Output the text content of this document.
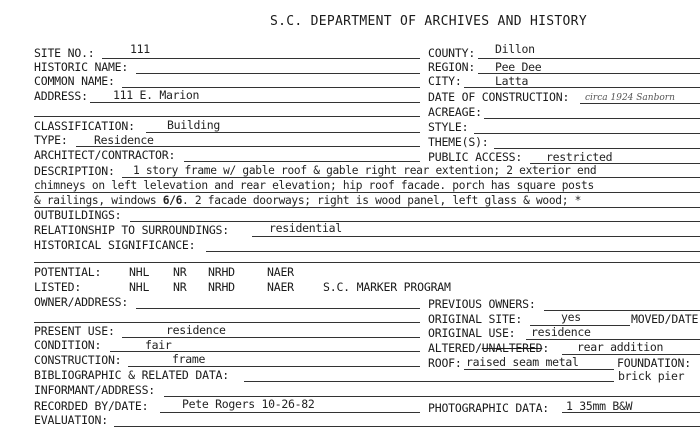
S.C. DEPARTMENT OF ARCHIVES AND HISTORY
SITE NO.:	111
HISTORIC NAME:
COMMON NAME:
ADDRESS: 111 E. Marion
CLASSIFICATION:	Building
TYPE: Residence
ARCHITECT/CONTRACTOR:
COUNTY: Dillon
REGION: Pee Dee
CITY:	Latta
DATE OF CONSTRUCTION: circa 1924 Sanborn
ACREAGE:
STYLE:
THEME(S):
PUBLIC ACCESS: restricted
DESCRIPTION: 1 story frame w/ gable roof & gable right rear extention; 2 exterior end
chimneys on left lelevation and rear elevation; hip roof facade. porch has square posts
& railings, windows 6/6. 2 facade doorways; right is wood panel, left glass & wood; *
OUTBUILDINGS:
RELATIONSHIP TO SURROUNDINGS:	residential
HISTORICAL SIGNIFICANCE:
POTENTIAL: NHL NR NRHD	NAER
LISTED:	NHL NR NRHD	NAER	S.C. MARKER PROGRAM
OWNER/ADDRESS:
PRESENT USE:	residence
CONDITION:	fair
CONSTRUCTION:	frame
BIBLIOGRAPHIC & RELATED DATA:
INFORMANT/ADDRESS:
RECORDED BY/DATE:	Pete Rogers 10-26-82
EVALUATION:
PREVIOUS OWNERS:
ORIGINAL SITE:	yes	MOVED/DATE
ORIGINAL USE: residence
ALTERED/UNALTERED: rear addition
ROOF: raised seam metal	FOUNDATION:
brick pier
PHOTOGRAPHIC DATA: 1 35mm B&W
